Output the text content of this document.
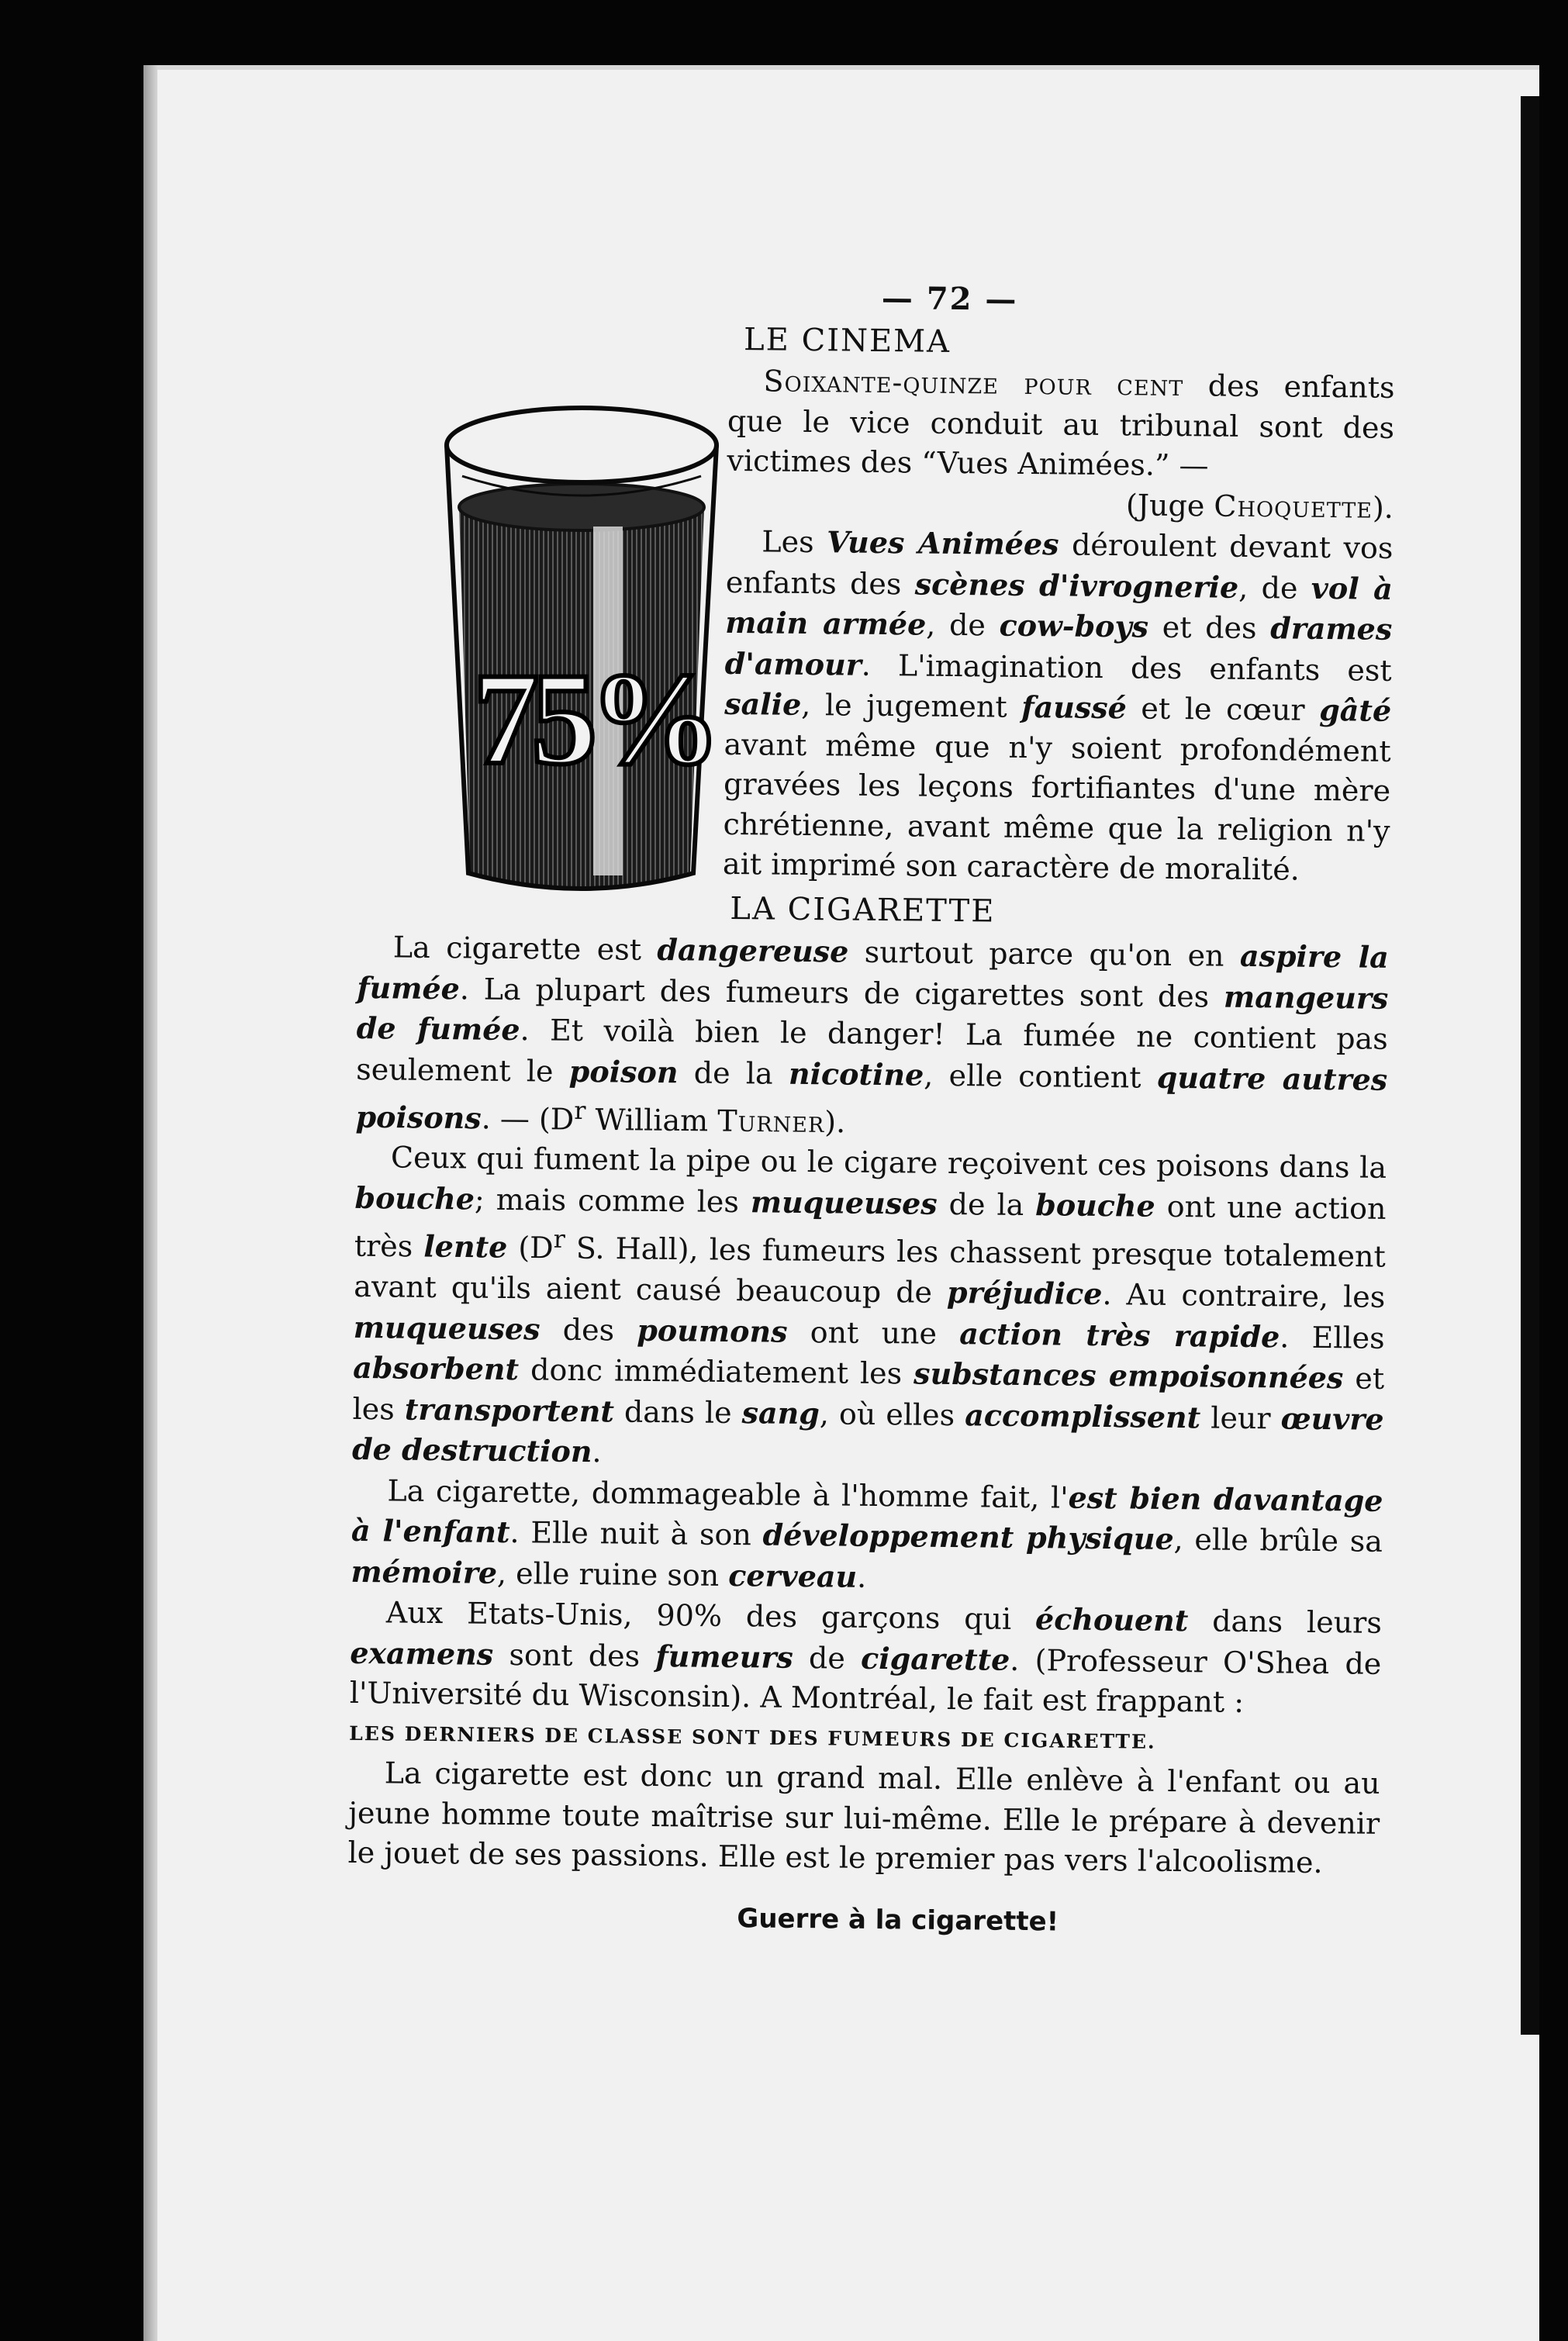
75%
— 72 —
LE CINEMA

Soixante-quinze pour cent des enfants que le vice conduit au tribunal sont des victimes des “Vues Animées.” —

(Juge Choquette).

Les Vues Animées déroulent devant vos enfants des scènes d'ivrognerie, de vol à main armée, de cow-boys et des drames d'amour. L'imagination des enfants est salie, le jugement faussé et le cœur gâté avant même que n'y soient profondément gravées les leçons fortifiantes d'une mère chrétienne, avant même que la religion n'y ait imprimé son caractère de moralité.

LA CIGARETTE

La cigarette est dangereuse surtout parce qu'on en aspire la fumée. La plupart des fumeurs de cigarettes sont des mangeurs de fumée. Et voilà bien le danger! La fumée ne contient pas seulement le poison de la nicotine, elle contient quatre autres poisons. — ($D^r$ William Turner).

Ceux qui fument la pipe ou le cigare reçoivent ces poisons dans la bouche; mais comme les muqueuses de la bouche ont une action très lente ($D^r$ S. Hall), les fumeurs les chassent presque totalement avant qu'ils aient causé beaucoup de préjudice. Au contraire, les muqueuses des poumons ont une action très rapide. Elles absorbent donc immédiatement les substances empoisonnées et les transportent dans le sang, où elles accomplissent leur œuvre de destruction.

La cigarette, dommageable à l'homme fait, l'est bien davantage à l'enfant. Elle nuit à son développement physique, elle brûle sa mémoire, elle ruine son cerveau.

Aux Etats-Unis, 90% des garçons qui échouent dans leurs examens sont des fumeurs de cigarette. (Professeur O'Shea de l'Université du Wisconsin). A Montréal, le fait est frappant :

LES DERNIERS DE CLASSE SONT DES FUMEURS DE CIGARETTE.

La cigarette est donc un grand mal. Elle enlève à l'enfant ou au jeune homme toute maîtrise sur lui-même. Elle le prépare à devenir le jouet de ses passions. Elle est le premier pas vers l'alcoolisme.

Guerre à la cigarette!
